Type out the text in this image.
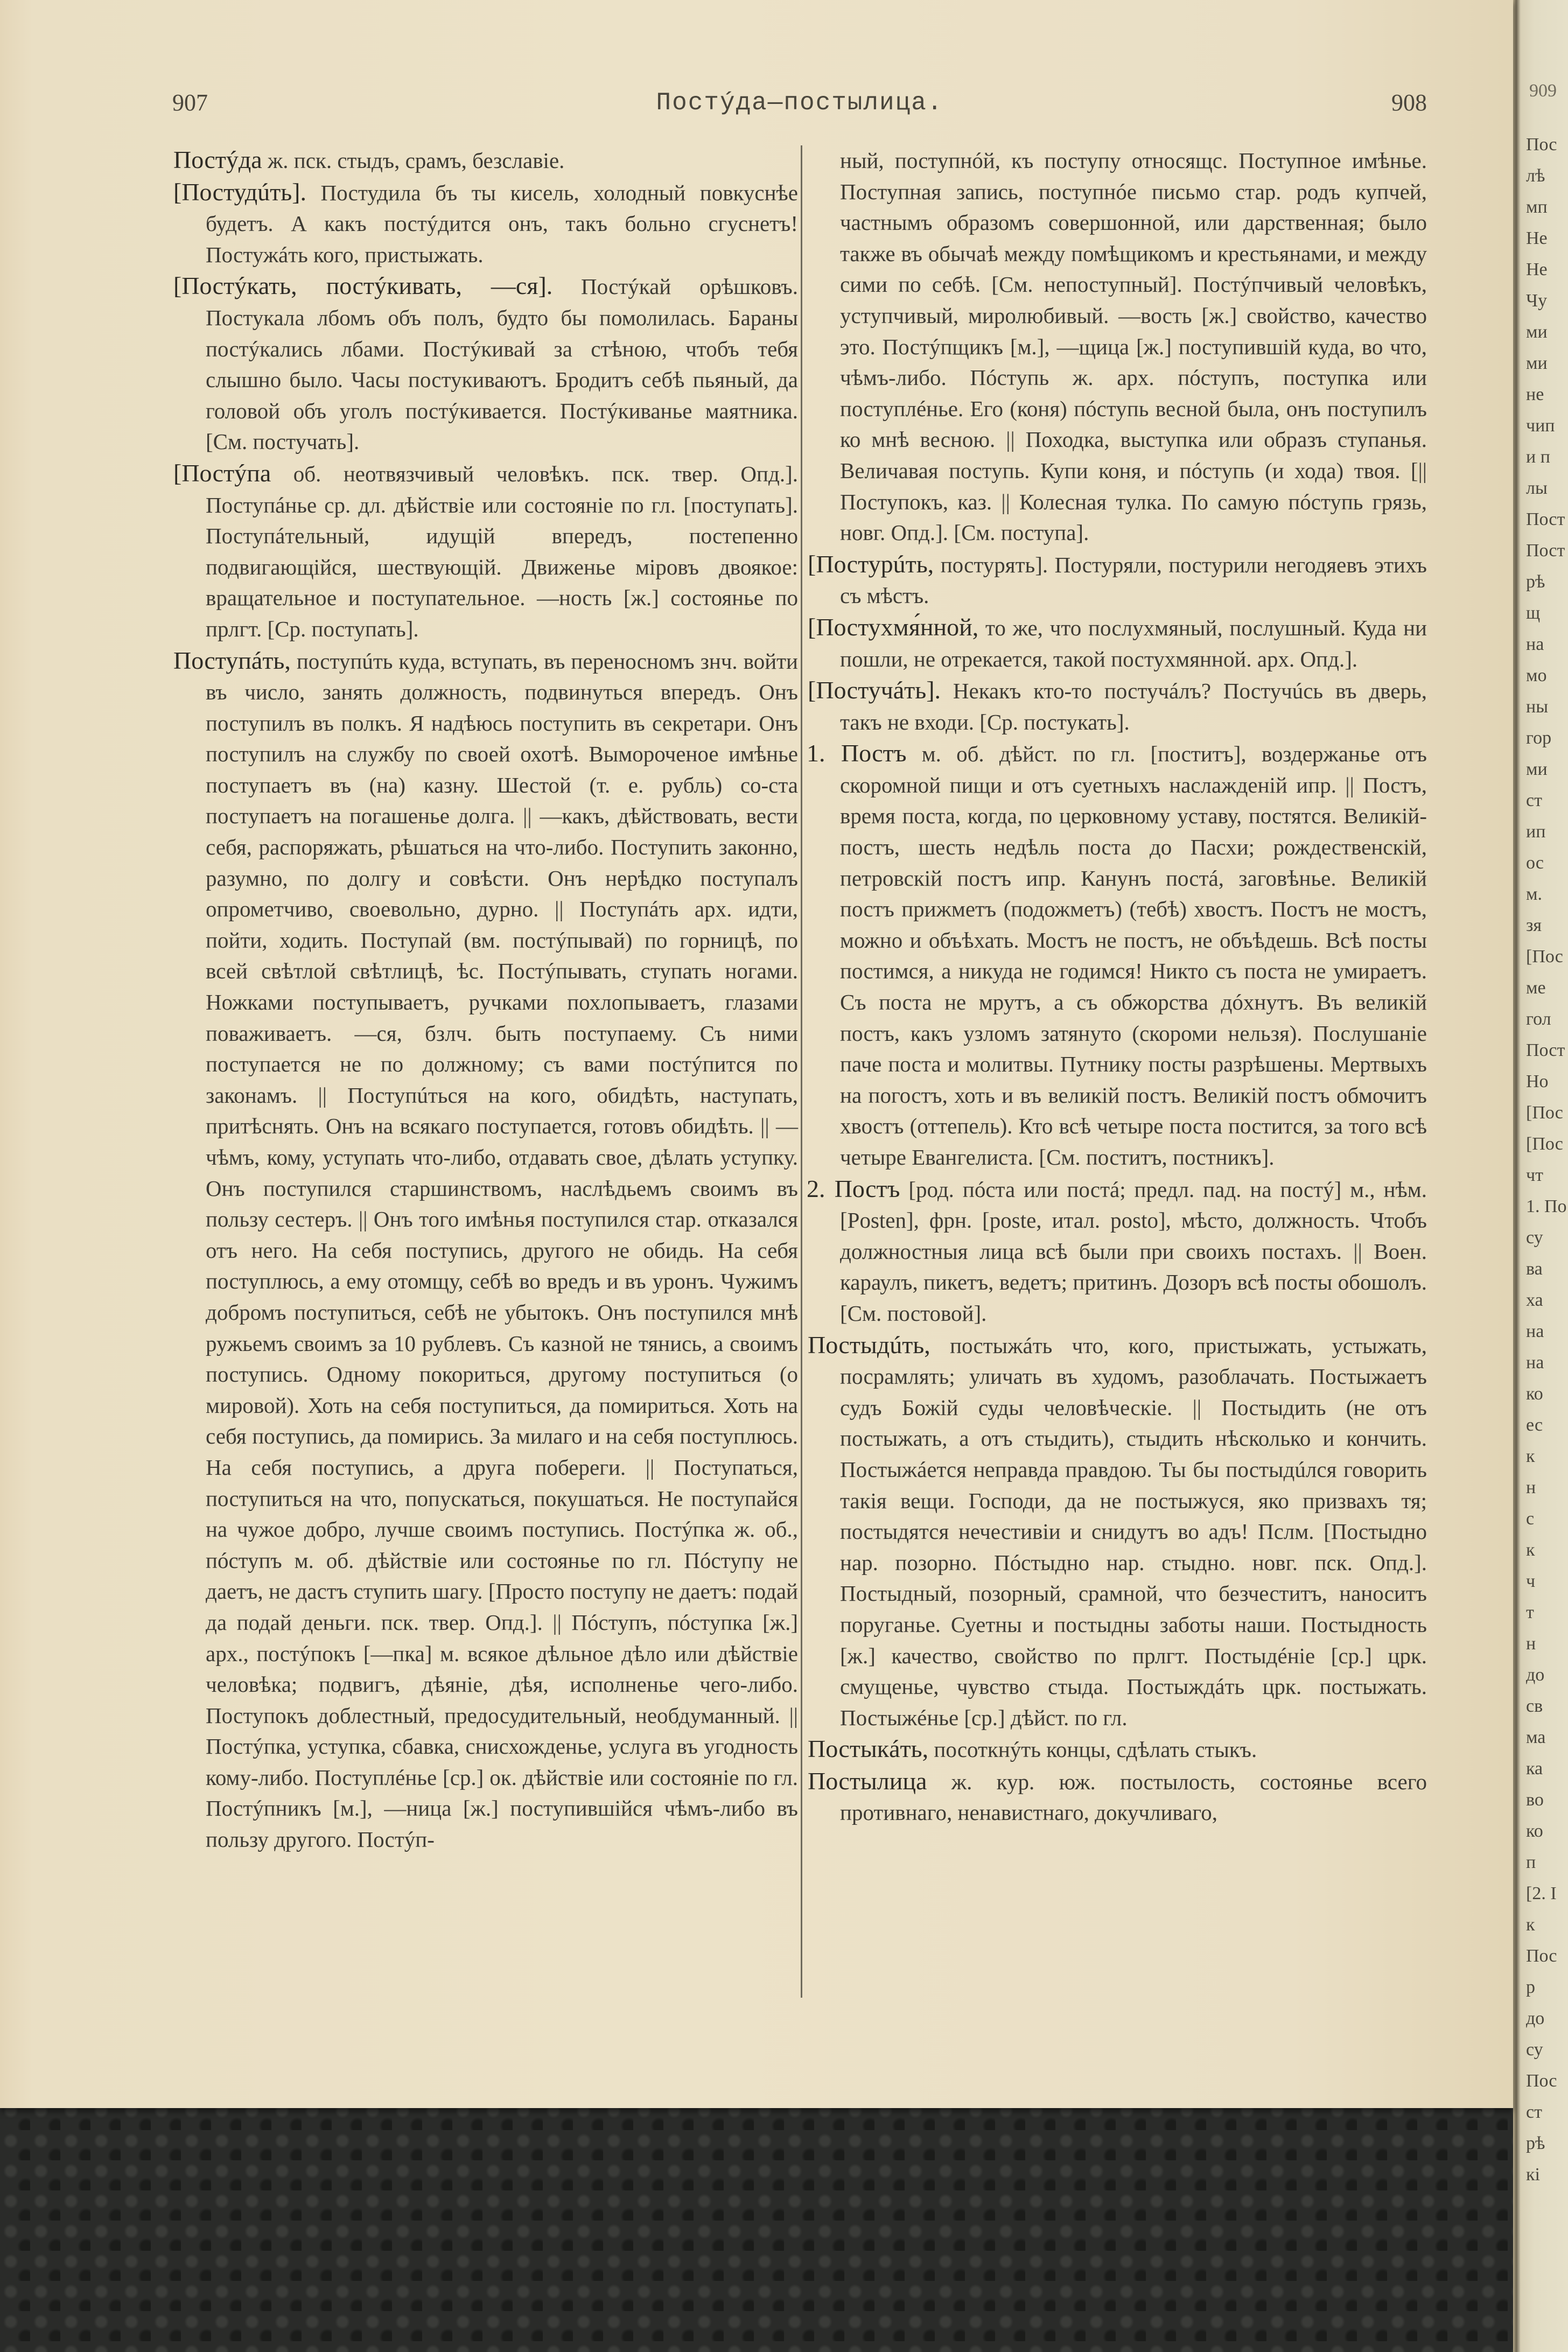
909
Пос
лѣ
мп
Не
Не
Чу
ми
ми
не
чип
и п
лы
Пост
Пост
рѣ
щ
на
мо
ны
гор
ми
ст
ип
ос
м.
зя
[Пос
ме
гол
Пост
Но
[Пос
[Пос
чт
1. По
су
ва
ха
на
на
ко
ес
к
н
с
к
ч
т
н
до
св
ма
ка
во
ко
п
[2. I
к
Пос
р
до
су
Пос
ст
рѣ
кі
907	Постýда—постылица.	908

Постýда ж. пск. стыдъ, срамъ, безславіе.

[Постудúть]. Постудила бъ ты кисель, холодный повкуснѣе будетъ. А какъ постýдится онъ, такъ больно сгуснетъ! Постужáть кого, пристыжать.

[Постýкать, постýкивать, —ся]. Постýкай орѣшковъ. Постукала лбомъ объ полъ, будто бы помолилась. Бараны постýкались лбами. Постýкивай за стѣною, чтобъ тебя слышно было. Часы постукиваютъ. Бродитъ себѣ пьяный, да головой объ уголъ постýкивается. Постýкиванье маятника. [См. постучать].

[Постýпа об. неотвязчивый человѣкъ. пск. твер. Опд.]. Поступáнье ср. дл. дѣйствіе или состояніе по гл. [поступать]. Поступáтельный, идущій впередъ, постепенно подвигающійся, шествующій. Движенье міровъ двоякое: вращательное и поступательное. —ность [ж.] состоянье по прлгт. [Ср. поступать].

Поступáть, поступúть куда, вступать, въ переносномъ знч. войти въ число, занять должность, подвинуться впередъ. Онъ поступилъ въ полкъ. Я надѣюсь поступить въ секретари. Онъ поступилъ на службу по своей охотѣ. Вымороченое имѣнье поступаетъ въ (на) казну. Шестой (т. е. рубль) со-ста поступаетъ на погашенье долга. || —какъ, дѣйствовать, вести себя, распоряжать, рѣшаться на что-либо. Поступить законно, разумно, по долгу и совѣсти. Онъ нерѣдко поступалъ опрометчиво, своевольно, дурно. || Поступáть арх. идти, пойти, ходить. Поступай (вм. постýпывай) по горницѣ, по всей свѣтлой свѣтлицѣ, ѣс. Постýпывать, ступать ногами. Ножками поступываетъ, ручками похлопываетъ, глазами поваживаетъ. —ся, бзлч. быть поступаему. Съ ними поступается не по должному; съ вами постýпится по законамъ. || Поступúться на кого, обидѣть, наступать, притѣснять. Онъ на всякаго поступается, готовъ обидѣть. || —чѣмъ, кому, уступать что-либо, отдавать свое, дѣлать уступку. Онъ поступился старшинствомъ, наслѣдьемъ своимъ въ пользу сестеръ. || Онъ того имѣнья поступился стар. отказался отъ него. На себя поступись, другого не обидь. На себя поступлюсь, а ему отомщу, себѣ во вредъ и въ уронъ. Чужимъ добромъ поступиться, себѣ не убытокъ. Онъ поступился мнѣ ружьемъ своимъ за 10 рублевъ. Съ казной не тянись, а своимъ поступись. Одному покориться, другому поступиться (о мировой). Хоть на себя поступиться, да помириться. Хоть на себя поступись, да помирись. За милаго и на себя поступлюсь. На себя поступись, а друга побереги. || Поступаться, поступиться на что, попускаться, покушаться. Не поступайся на чужое добро, лучше своимъ поступись. Постýпка ж. об., пóступъ м. об. дѣйствіе или состоянье по гл. Пóступу не даетъ, не дастъ ступить шагу. [Просто поступу не даетъ: подай да подай деньги. пск. твер. Опд.]. || Пóступъ, пóступка [ж.] арх., постýпокъ [—пка] м. всякое дѣльное дѣло или дѣйствіе человѣка; подвигъ, дѣяніе, дѣя, исполненье чего-либо. Поступокъ доблестный, предосудительный, необдуманный. || Постýпка, уступка, сбавка, снисхожденье, услуга въ угодность кому-либо. Поступлéнье [ср.] ок. дѣйствіе или состояніе по гл. Постýпникъ [м.], —ница [ж.] поступившійся чѣмъ-либо въ пользу другого. Постýп-

ный, поступнóй, къ поступу относящс. Поступное имѣнье. Поступная запись, поступнóе письмо стар. родъ купчей, частнымъ образомъ совершонной, или дарственная; было также въ обычаѣ между помѣщикомъ и крестьянами, и между сими по себѣ. [См. непоступный]. Постýпчивый человѣкъ, уступчивый, миролюбивый. —вость [ж.] свойство, качество это. Постýпщикъ [м.], —щица [ж.] поступившій куда, во что, чѣмъ-либо. Пóступь ж. арх. пóступъ, поступка или поступлéнье. Его (коня) пóступь весной была, онъ поступилъ ко мнѣ весною. || Походка, выступка или образъ ступанья. Величавая поступь. Купи коня, и пóступь (и хода) твоя. [|| Поступокъ, каз. || Колесная тулка. По самую пóступь грязь, новг. Опд.]. [См. поступа].

[Постурúть, постурять]. Постуряли, постурили негодяевъ этихъ съ мѣстъ.

[Постухмя́нной, то же, что послухмяный, послушный. Куда ни пошли, не отрекается, такой постухмянной. арх. Опд.].

[Постучáть]. Некакъ кто-то постучáлъ? Постучúсь въ дверь, такъ не входи. [Ср. постукать].

1. Постъ м. об. дѣйст. по гл. [поститъ], воздержанье отъ скоромной пищи и отъ суетныхъ наслажденій ипр. || Постъ, время поста, когда, по церковному уставу, постятся. Великій-постъ, шесть недѣль поста до Пасхи; рождественскій, петровскій постъ ипр. Канунъ постá, заговѣнье. Великій постъ прижметъ (подожметъ) (тебѣ) хвостъ. Постъ не мостъ, можно и объѣхать. Мостъ не постъ, не объѣдешь. Всѣ посты постимся, а никуда не годимся! Никто съ поста не умираетъ. Съ поста не мрутъ, а съ обжорства дóхнутъ. Въ великій постъ, какъ узломъ затянуто (скороми нельзя). Послушаніе паче поста и молитвы. Путнику посты разрѣшены. Мертвыхъ на погостъ, хоть и въ великій постъ. Великій постъ обмочитъ хвостъ (оттепель). Кто всѣ четыре поста постится, за того всѣ четыре Евангелиста. [См. поститъ, постникъ].

2. Постъ [род. пóста или постá; предл. пад. на постý] м., нѣм. [Posten], фрн. [poste, итал. posto], мѣсто, должность. Чтобъ должностныя лица всѣ были при своихъ постахъ. || Воен. караулъ, пикетъ, ведетъ; притинъ. Дозоръ всѣ посты обошолъ. [См. постовой].

Постыдúть, постыжáть что, кого, пристыжать, устыжать, посрамлять; уличать въ худомъ, разоблачать. Постыжаетъ судъ Божій суды человѣческіе. || Постыдить (не отъ постыжать, а отъ стыдить), стыдить нѣсколько и кончить. Постыжáется неправда правдою. Ты бы постыдúлся говорить такія вещи. Господи, да не постыжуся, яко призвахъ тя; постыдятся нечестивіи и снидутъ во адъ! Пслм. [Постыдно нар. позорно. Пóстыдно нар. стыдно. новг. пск. Опд.]. Постыдный, позорный, срамной, что безчеститъ, наноситъ поруганье. Суетны и постыдны заботы наши. Постыдность [ж.] качество, свойство по прлгт. Постыдéніе [ср.] црк. смущенье, чувство стыда. Постыждáть црк. постыжать. Постыжéнье [ср.] дѣйст. по гл.

Постыкáть, посоткнýть концы, сдѣлать стыкъ.

Постылица ж. кур. юж. постылость, состоянье всего противнаго, ненавистнаго, докучливаго,
